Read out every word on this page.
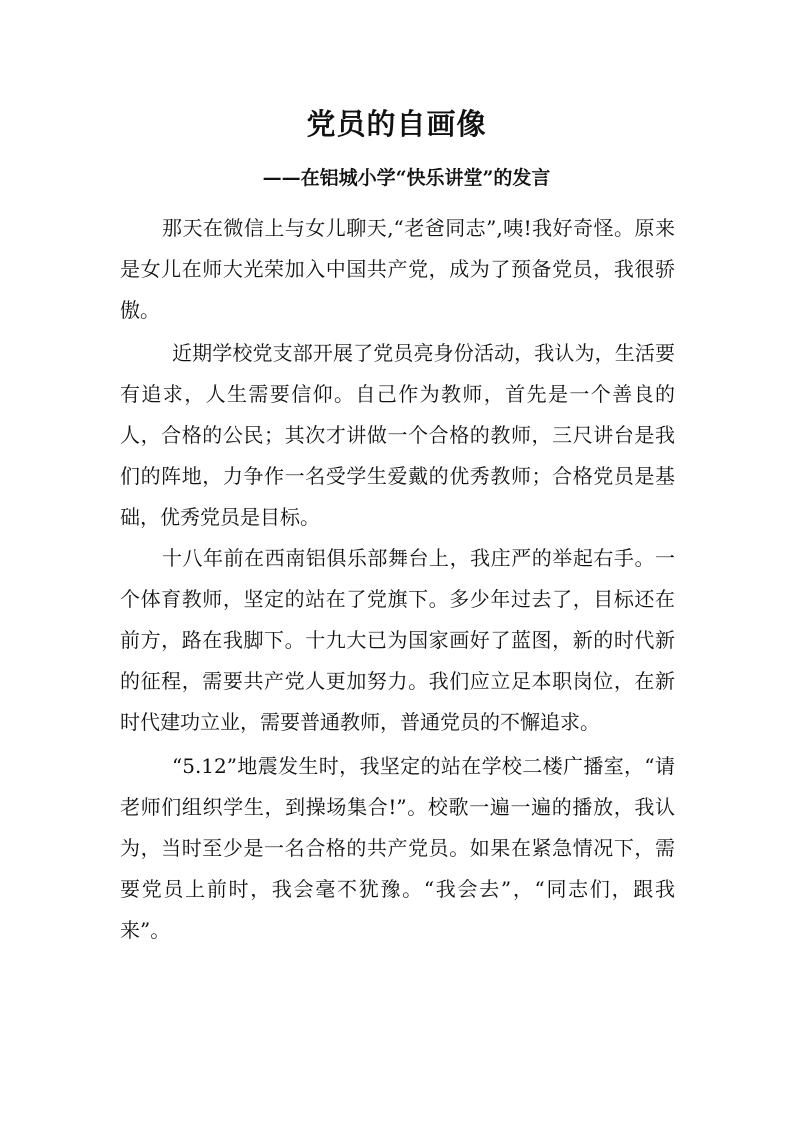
党员的自画像
——在铝城小学“快乐讲堂”的发言

那天在微信上与女儿聊天,“老爸同志”,咦!我好奇怪。原来是女儿在师大光荣加入中国共产党，成为了预备党员，我很骄傲。

近期学校党支部开展了党员亮身份活动，我认为，生活要有追求，人生需要信仰。自己作为教师，首先是一个善良的人，合格的公民；其次才讲做一个合格的教师，三尺讲台是我们的阵地，力争作一名受学生爱戴的优秀教师；合格党员是基础，优秀党员是目标。

十八年前在西南铝俱乐部舞台上，我庄严的举起右手。一个体育教师，坚定的站在了党旗下。多少年过去了，目标还在前方，路在我脚下。十九大已为国家画好了蓝图，新的时代新的征程，需要共产党人更加努力。我们应立足本职岗位，在新时代建功立业，需要普通教师，普通党员的不懈追求。

“5.12”地震发生时，我坚定的站在学校二楼广播室，“请老师们组织学生，到操场集合!”。校歌一遍一遍的播放，我认为，当时至少是一名合格的共产党员。如果在紧急情况下，需要党员上前时，我会毫不犹豫。“我会去”，“同志们，跟我来”。
